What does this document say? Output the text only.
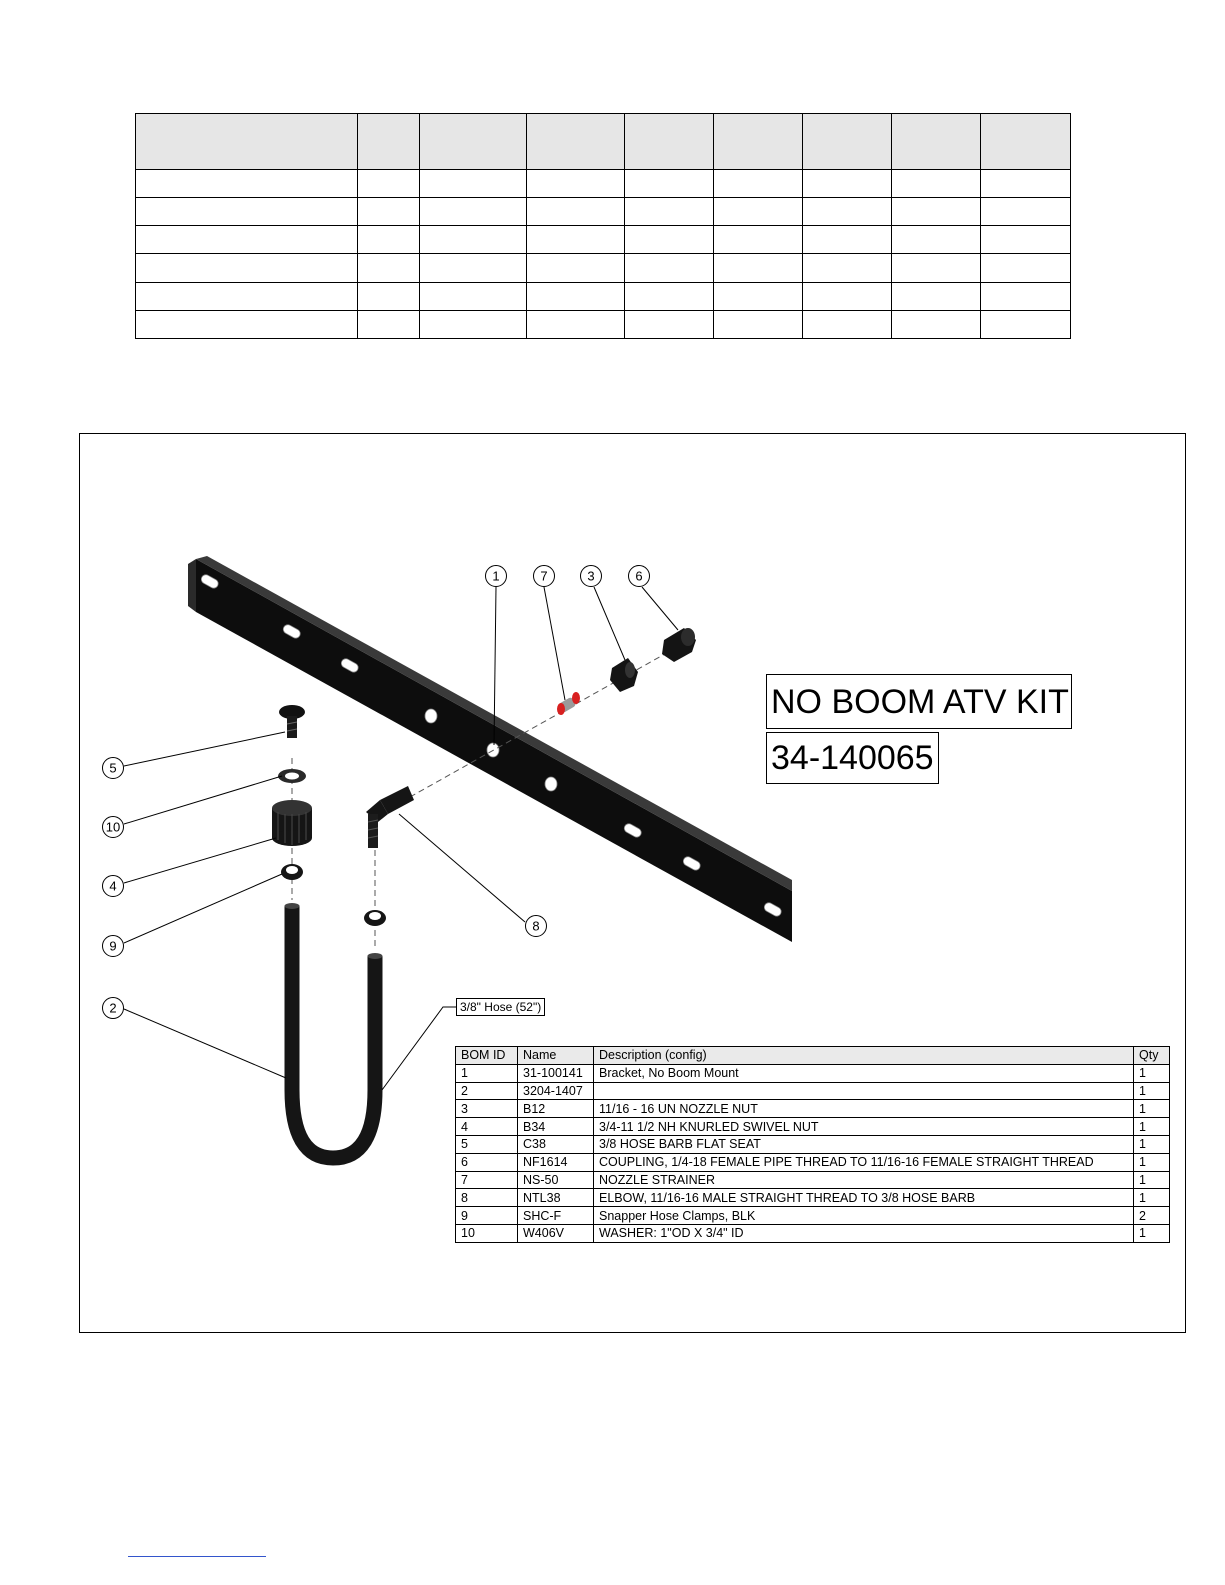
1	7	3	6
5
10
4
9
8
2
NO BOOM ATV KIT
34-140065
3/8" Hose (52")
BOM ID	Name	Description (config)	Qty
1	31-100141	Bracket, No Boom Mount	1
2	3204-1407		1
3	B12	11/16 - 16 UN NOZZLE NUT	1
4	B34	3/4-11 1/2 NH KNURLED SWIVEL NUT	1
5	C38	3/8 HOSE BARB FLAT SEAT	1
6	NF1614	COUPLING, 1/4-18 FEMALE PIPE THREAD TO 11/16-16 FEMALE STRAIGHT THREAD	1
7	NS-50	NOZZLE STRAINER	1
8	NTL38	ELBOW, 11/16-16 MALE STRAIGHT THREAD TO 3/8 HOSE BARB	1
9	SHC-F	Snapper Hose Clamps, BLK	2
10	W406V	WASHER: 1"OD X 3/4" ID	1
